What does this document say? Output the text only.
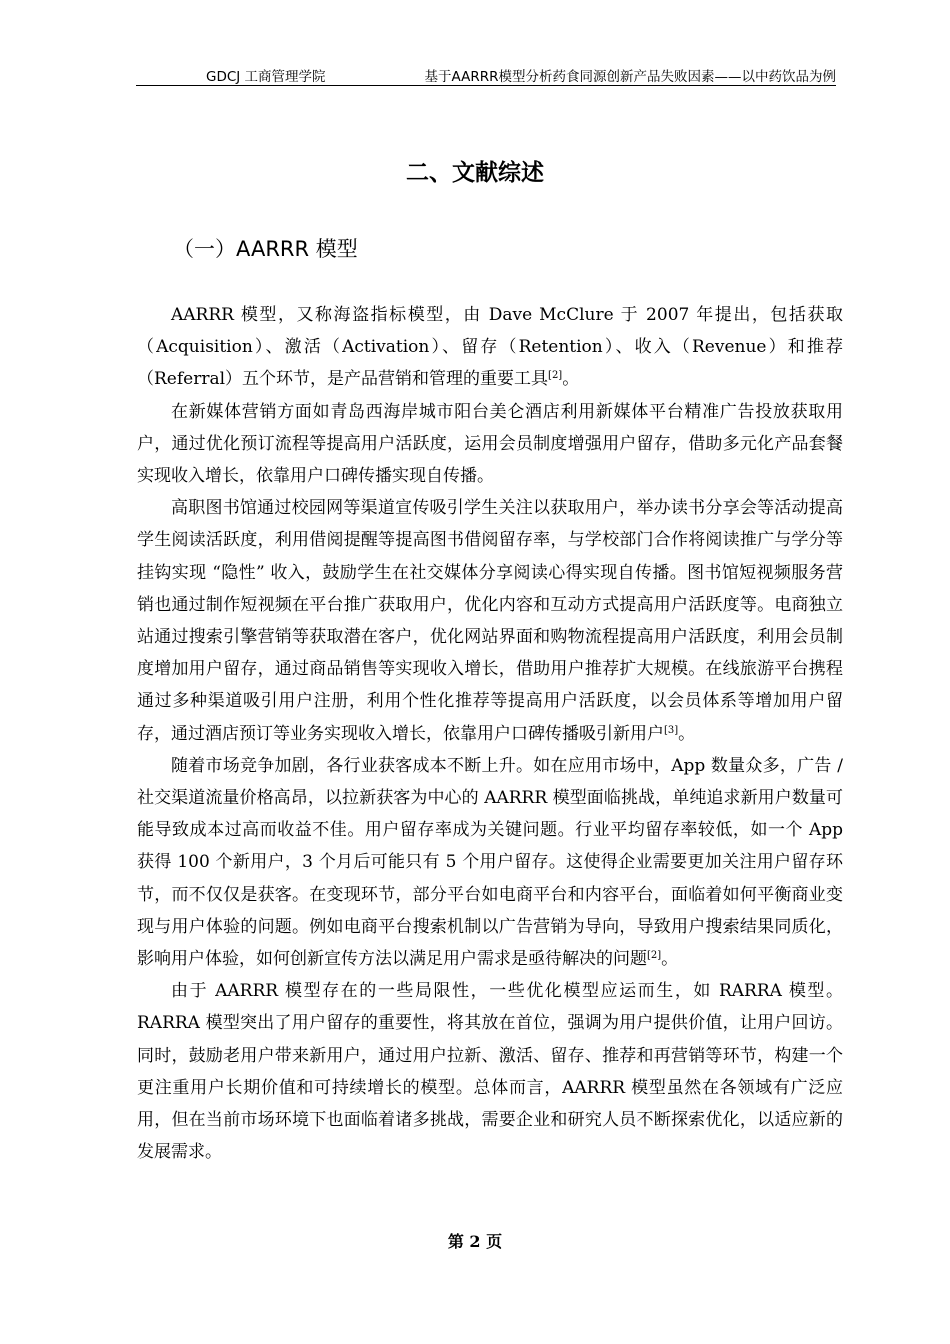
GDCJ 工商管理学院	基于AARRR模型分析药食同源创新产品失败因素——以中药饮品为例
二、文献综述
（一）AARRR 模型

AARRR 模型，又称海盗指标模型，由 Dave McClure 于 2007 年提出，包括获取（Acquisition）、激活（Activation）、留存（Retention）、收入（Revenue）和推荐（Referral）五个环节，是产品营销和管理的重要工具[2]。

在新媒体营销方面如青岛西海岸城市阳台美仑酒店利用新媒体平台精准广告投放获取用户，通过优化预订流程等提高用户活跃度，运用会员制度增强用户留存，借助多元化产品套餐实现收入增长，依靠用户口碑传播实现自传播。

高职图书馆通过校园网等渠道宣传吸引学生关注以获取用户，举办读书分享会等活动提高学生阅读活跃度，利用借阅提醒等提高图书借阅留存率，与学校部门合作将阅读推广与学分等挂钩实现 “隐性” 收入，鼓励学生在社交媒体分享阅读心得实现自传播。图书馆短视频服务营销也通过制作短视频在平台推广获取用户，优化内容和互动方式提高用户活跃度等。电商独立站通过搜索引擎营销等获取潜在客户，优化网站界面和购物流程提高用户活跃度，利用会员制度增加用户留存，通过商品销售等实现收入增长，借助用户推荐扩大规模。在线旅游平台携程通过多种渠道吸引用户注册，利用个性化推荐等提高用户活跃度，以会员体系等增加用户留存，通过酒店预订等业务实现收入增长，依靠用户口碑传播吸引新用户[3]。

随着市场竞争加剧，各行业获客成本不断上升。如在应用市场中，App 数量众多，广告 / 社交渠道流量价格高昂，以拉新获客为中心的 AARRR 模型面临挑战，单纯追求新用户数量可能导致成本过高而收益不佳。用户留存率成为关键问题。行业平均留存率较低，如一个 App 获得 100 个新用户，3 个月后可能只有 5 个用户留存。这使得企业需要更加关注用户留存环节，而不仅仅是获客。在变现环节，部分平台如电商平台和内容平台，面临着如何平衡商业变现与用户体验的问题。例如电商平台搜索机制以广告营销为导向，导致用户搜索结果同质化，影响用户体验，如何创新宣传方法以满足用户需求是亟待解决的问题[2]。

由于 AARRR 模型存在的一些局限性，一些优化模型应运而生，如 RARRA 模型。RARRA 模型突出了用户留存的重要性，将其放在首位，强调为用户提供价值，让用户回访。同时，鼓励老用户带来新用户，通过用户拉新、激活、留存、推荐和再营销等环节，构建一个更注重用户长期价值和可持续增长的模型。总体而言，AARRR 模型虽然在各领域有广泛应用，但在当前市场环境下也面临着诸多挑战，需要企业和研究人员不断探索优化，以适应新的发展需求。

第 2 页
